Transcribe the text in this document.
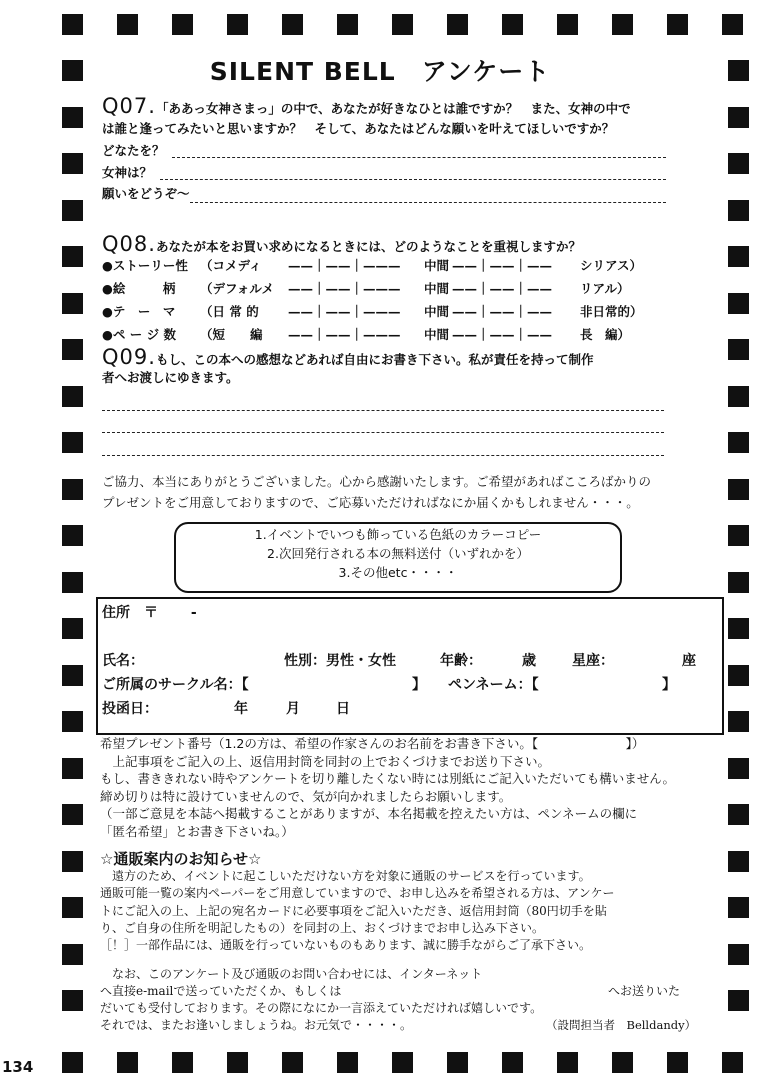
134
SILENT BELL　アンケート
Q07.「ああっ女神さまっ」の中で、あなたが好きなひとは誰ですか？　また、女神の中で
は誰と逢ってみたいと思いますか？　そして、あなたはどんな願いを叶えてほしいですか？
どなたを？
女神は？
願いをどうぞ〜
Q08.あなたが本をお買い求めになるときには、どのようなことを重視しますか？
●ストーリー性 （コメディ ——｜——｜——— 中間 ——｜——｜—— シリアス）
●絵　　　柄 （デフォルメ ——｜——｜——— 中間 ——｜——｜—— リアル）
●テ　ー　マ （日 常 的 ——｜——｜——— 中間 ——｜——｜—— 非日常的）
●ペ ー ジ 数 （短　　編 ——｜——｜——— 中間 ——｜——｜—— 長　編）
Q09.もし、この本への感想などあれば自由にお書き下さい。私が責任を持って制作
者へお渡しにゆきます。
ご協力、本当にありがとうございました。心から感謝いたします。ご希望があればこころばかりの
プレゼントをご用意しておりますので、ご応募いただければなにか届くかもしれません・・・。
1.イベントでいつも飾っている色紙のカラーコピー
2.次回発行される本の無料送付（いずれかを）
3.その他etc・・・・
住所　〒　　 -
氏名：	性別：男性・女性	年齢：	歳	星座：	座
ご所属のサークル名：【	】 ペンネーム：【	】
投函日：	年	月	日
希望プレゼント番号（1.2の方は、希望の作家さんのお名前をお書き下さい。【　　　　　　　】）
　上記事項をご記入の上、返信用封筒を同封の上でおくづけまでお送り下さい。
もし、書ききれない時やアンケートを切り離したくない時には別紙にご記入いただいても構いません。
締め切りは特に設けていませんので、気が向かれましたらお願いします。
（一部ご意見を本誌へ掲載することがありますが、本名掲載を控えたい方は、ペンネームの欄に
「匿名希望」とお書き下さいね。）
☆通販案内のお知らせ☆
　遠方のため、イベントに起こしいただけない方を対象に通販のサービスを行っています。
通販可能一覧の案内ペーパーをご用意していますので、お申し込みを希望される方は、アンケー
トにご記入の上、上記の宛名カードに必要事項をご記入いただき、返信用封筒（80円切手を貼
り、ご自身の住所を明記したもの）を同封の上、おくづけまでお申し込み下さい。
［！］一部作品には、通販を行っていないものもあります、誠に勝手ながらご了承下さい。
　なお、このアンケート及び通販のお問い合わせには、インターネット
へ直接e-mailで送っていただくか、もしくは	へお送りいた
だいても受付しております。その際になにか一言添えていただければ嬉しいです。
それでは、またお逢いしましょうね。お元気で・・・・。	（設問担当者　Belldandy）
